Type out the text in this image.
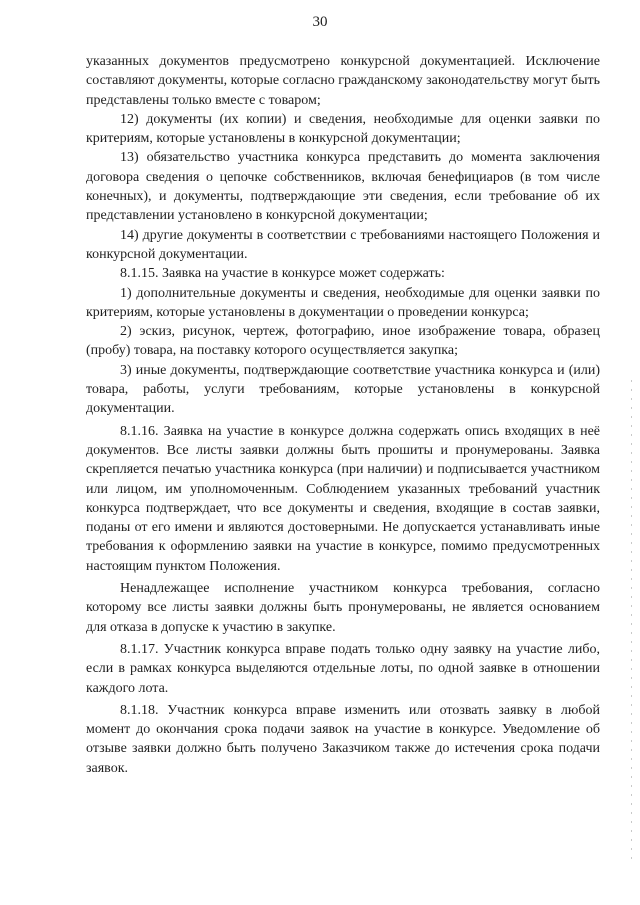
30

указанных документов предусмотрено конкурсной документацией. Исключение составляют документы, которые согласно гражданскому законодательству могут быть представлены только вместе с товаром;

12) документы (их копии) и сведения, необходимые для оценки заявки по критериям, которые установлены в конкурсной документации;

13) обязательство участника конкурса представить до момента заключения договора сведения о цепочке собственников, включая бенефициаров (в том числе конечных), и документы, подтверждающие эти сведения, если требование об их представлении установлено в конкурсной документации;

14) другие документы в соответствии с требованиями настоящего Положения и конкурсной документации.

8.1.15. Заявка на участие в конкурсе может содержать:

1) дополнительные документы и сведения, необходимые для оценки заявки по критериям, которые установлены в документации о проведении конкурса;

2) эскиз, рисунок, чертеж, фотографию, иное изображение товара, образец (пробу) товара, на поставку которого осуществляется закупка;

3) иные документы, подтверждающие соответствие участника конкурса и (или) товара, работы, услуги требованиям, которые установлены в конкурсной документации.

8.1.16. Заявка на участие в конкурсе должна содержать опись входящих в неё документов. Все листы заявки должны быть прошиты и пронумерованы. Заявка скрепляется печатью участника конкурса (при наличии) и подписывается участником или лицом, им уполномоченным. Соблюдением указанных требований участник конкурса подтверждает, что все документы и сведения, входящие в состав заявки, поданы от его имени и являются достоверными. Не допускается устанавливать иные требования к оформлению заявки на участие в конкурсе, помимо предусмотренных настоящим пунктом Положения.

Ненадлежащее исполнение участником конкурса требования, согласно которому все листы заявки должны быть пронумерованы, не является основанием для отказа в допуске к участию в закупке.

8.1.17. Участник конкурса вправе подать только одну заявку на участие либо, если в рамках конкурса выделяются отдельные лоты, по одной заявке в отношении каждого лота.

8.1.18. Участник конкурса вправе изменить или отозвать заявку в любой момент до окончания срока подачи заявок на участие в конкурсе. Уведомление об отзыве заявки должно быть получено Заказчиком также до истечения срока подачи заявок.
